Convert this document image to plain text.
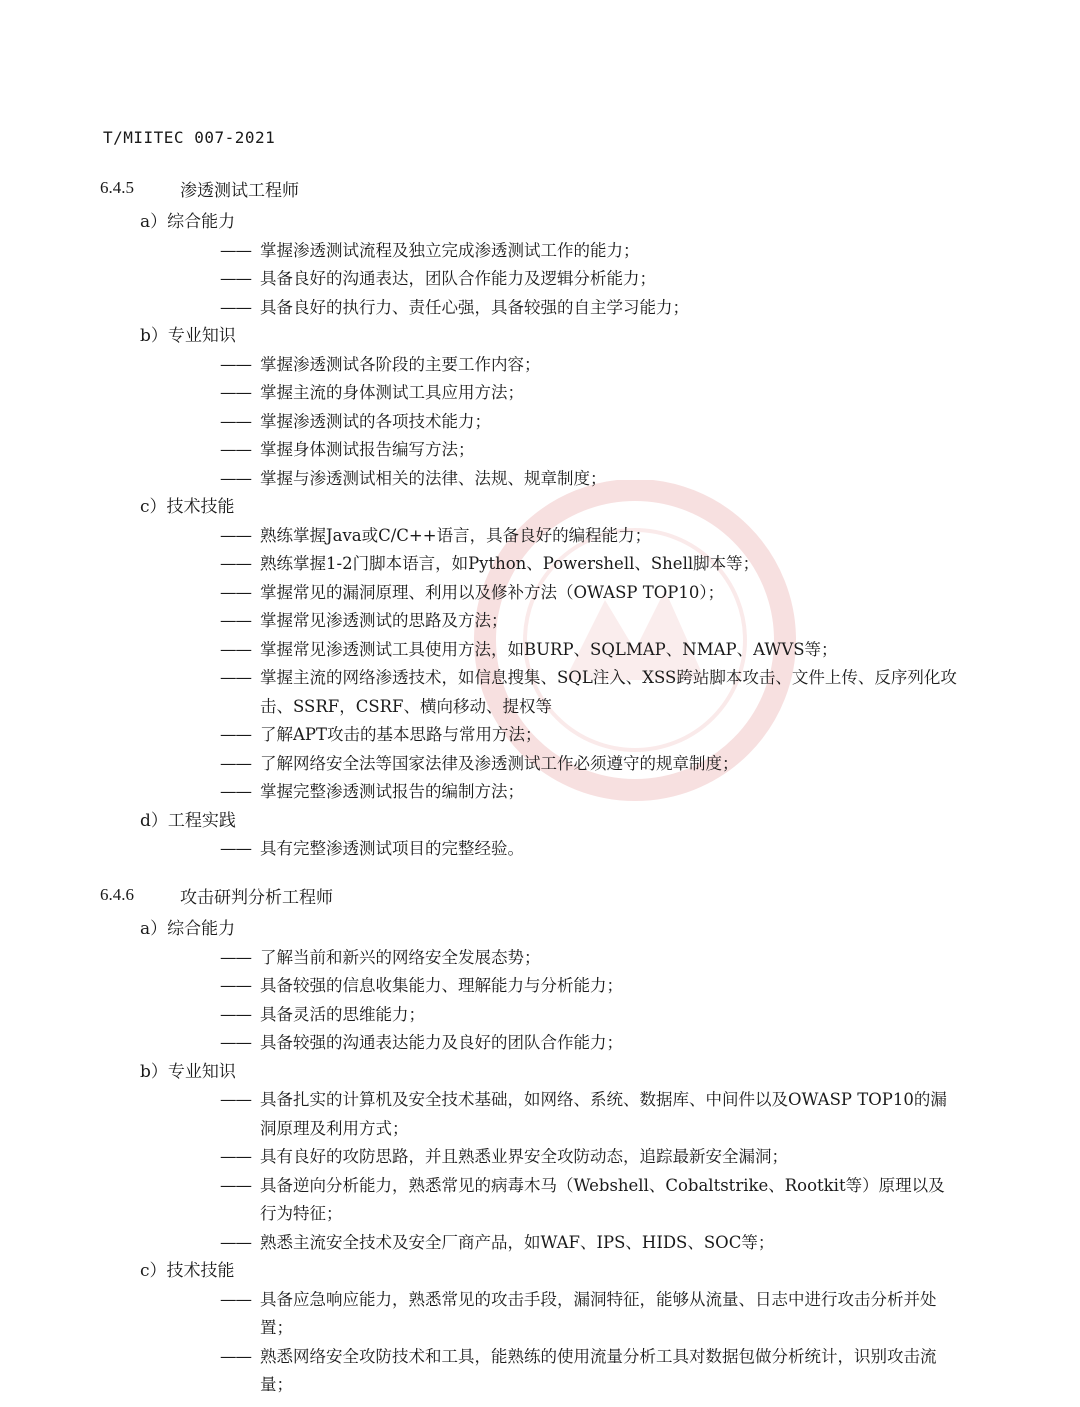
T/MIITEC 007-2021
6.4.5	渗透测试工程师
a）综合能力
—— 掌握渗透测试流程及独立完成渗透测试工作的能力；
—— 具备良好的沟通表达，团队合作能力及逻辑分析能力；
—— 具备良好的执行力、责任心强，具备较强的自主学习能力；
b）专业知识
—— 掌握渗透测试各阶段的主要工作内容；
—— 掌握主流的身体测试工具应用方法；
—— 掌握渗透测试的各项技术能力；
—— 掌握身体测试报告编写方法；
—— 掌握与渗透测试相关的法律、法规、规章制度；
c）技术技能
—— 熟练掌握Java或C/C++语言，具备良好的编程能力；
—— 熟练掌握1-2门脚本语言，如Python、Powershell、Shell脚本等；
—— 掌握常见的漏洞原理、利用以及修补方法（OWASP TOP10）；
—— 掌握常见渗透测试的思路及方法；
—— 掌握常见渗透测试工具使用方法，如BURP、SQLMAP、NMAP、AWVS等；
—— 掌握主流的网络渗透技术，如信息搜集、SQL注入、XSS跨站脚本攻击、文件上传、反序列化攻击、SSRF，CSRF、横向移动、提权等
—— 了解APT攻击的基本思路与常用方法；
—— 了解网络安全法等国家法律及渗透测试工作必须遵守的规章制度；
—— 掌握完整渗透测试报告的编制方法；
d）工程实践
—— 具有完整渗透测试项目的完整经验。
6.4.6	攻击研判分析工程师
a）综合能力
—— 了解当前和新兴的网络安全发展态势；
—— 具备较强的信息收集能力、理解能力与分析能力；
—— 具备灵活的思维能力；
—— 具备较强的沟通表达能力及良好的团队合作能力；
b）专业知识
—— 具备扎实的计算机及安全技术基础，如网络、系统、数据库、中间件以及OWASP TOP10的漏洞原理及利用方式；
—— 具有良好的攻防思路，并且熟悉业界安全攻防动态，追踪最新安全漏洞；
—— 具备逆向分析能力，熟悉常见的病毒木马（Webshell、Cobaltstrike、Rootkit等）原理以及行为特征；
—— 熟悉主流安全技术及安全厂商产品，如WAF、IPS、HIDS、SOC等；
c）技术技能
—— 具备应急响应能力，熟悉常见的攻击手段，漏洞特征，能够从流量、日志中进行攻击分析并处置；
—— 熟悉网络安全攻防技术和工具，能熟练的使用流量分析工具对数据包做分析统计，识别攻击流量；
